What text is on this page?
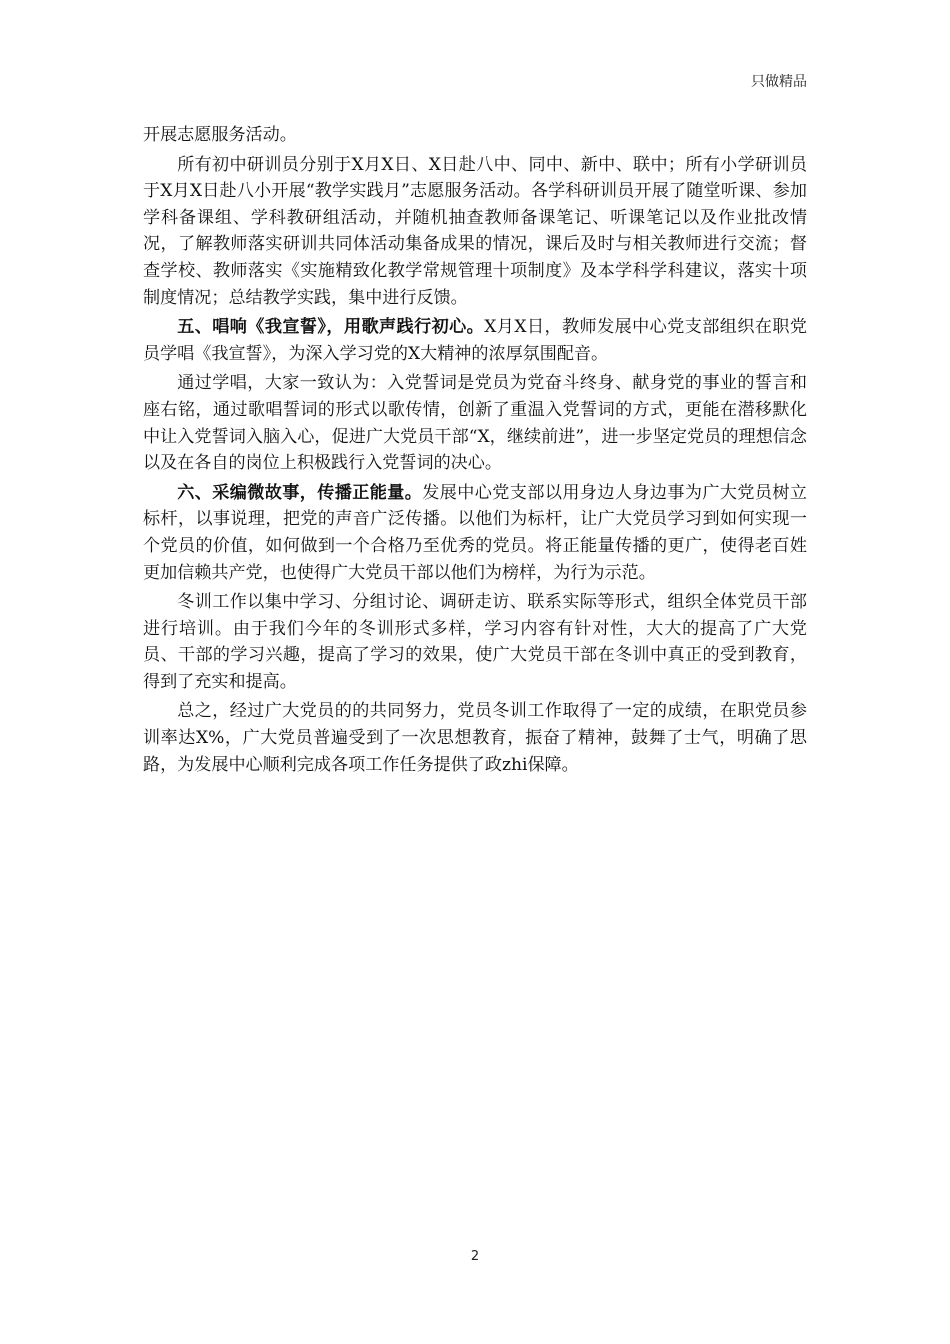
只做精品

开展志愿服务活动。

所有初中研训员分别于X月X日、X日赴八中、同中、新中、联中；所有小学研训员于X月X日赴八小开展“教学实践月”志愿服务活动。各学科研训员开展了随堂听课、参加学科备课组、学科教研组活动，并随机抽查教师备课笔记、听课笔记以及作业批改情况，了解教师落实研训共同体活动集备成果的情况，课后及时与相关教师进行交流；督查学校、教师落实《实施精致化教学常规管理十项制度》及本学科学科建议，落实十项制度情况；总结教学实践，集中进行反馈。

五、唱响《我宣誓》，用歌声践行初心。X月X日，教师发展中心党支部组织在职党员学唱《我宣誓》，为深入学习党的X大精神的浓厚氛围配音。

通过学唱，大家一致认为：入党誓词是党员为党奋斗终身、献身党的事业的誓言和座右铭，通过歌唱誓词的形式以歌传情，创新了重温入党誓词的方式，更能在潜移默化中让入党誓词入脑入心，促进广大党员干部“X，继续前进”，进一步坚定党员的理想信念以及在各自的岗位上积极践行入党誓词的决心。

六、采编微故事，传播正能量。发展中心党支部以用身边人身边事为广大党员树立标杆，以事说理，把党的声音广泛传播。以他们为标杆，让广大党员学习到如何实现一个党员的价值，如何做到一个合格乃至优秀的党员。将正能量传播的更广，使得老百姓更加信赖共产党，也使得广大党员干部以他们为榜样，为行为示范。

冬训工作以集中学习、分组讨论、调研走访、联系实际等形式，组织全体党员干部进行培训。由于我们今年的冬训形式多样，学习内容有针对性，大大的提高了广大党员、干部的学习兴趣，提高了学习的效果，使广大党员干部在冬训中真正的受到教育，得到了充实和提高。

总之，经过广大党员的的共同努力，党员冬训工作取得了一定的成绩，在职党员参训率达X%，广大党员普遍受到了一次思想教育，振奋了精神，鼓舞了士气，明确了思路，为发展中心顺利完成各项工作任务提供了政zhi保障。

2
